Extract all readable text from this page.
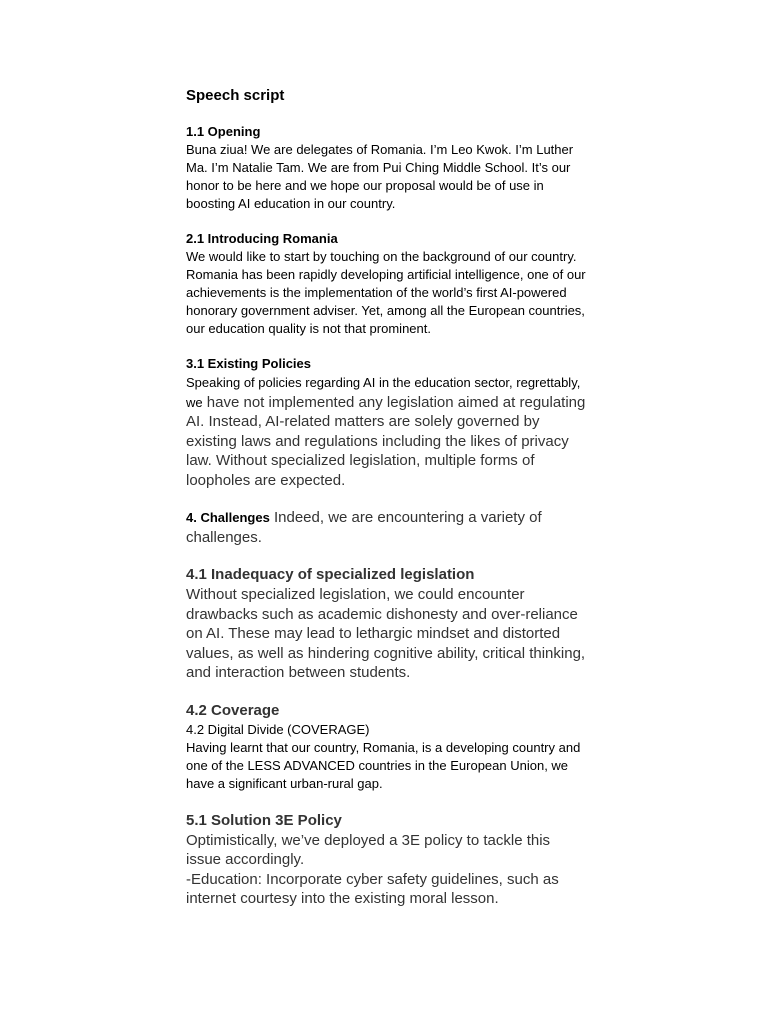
Speech script

1.1 Opening

Buna ziua! We are delegates of Romania. I’m Leo Kwok. I’m Luther Ma. I’m Natalie Tam. We are from Pui Ching Middle School. It’s our honor to be here and we hope our proposal would be of use in boosting AI education in our country.

2.1 Introducing Romania

We would like to start by touching on the background of our country. Romania has been rapidly developing artificial intelligence, one of our achievements is the implementation of the world’s first AI-powered honorary government adviser. Yet, among all the European countries, our education quality is not that prominent.

3.1 Existing Policies

Speaking of policies regarding AI in the education sector, regrettably, we have not implemented any legislation aimed at regulating AI. Instead, AI-related matters are solely governed by existing laws and regulations including the likes of privacy law. Without specialized legislation, multiple forms of loopholes are expected.

4. Challenges Indeed, we are encountering a variety of challenges.

4.1 Inadequacy of specialized legislation

Without specialized legislation, we could encounter drawbacks such as academic dishonesty and over-reliance on AI. These may lead to lethargic mindset and distorted values, as well as hindering cognitive ability, critical thinking, and interaction between students.

4.2 Coverage

4.2 Digital Divide (COVERAGE)

Having learnt that our country, Romania, is a developing country and one of the LESS ADVANCED countries in the European Union, we have a significant urban-rural gap.

5.1 Solution 3E Policy

Optimistically, we’ve deployed a 3E policy to tackle this issue accordingly.

-Education: Incorporate cyber safety guidelines, such as internet courtesy into the existing moral lesson.
